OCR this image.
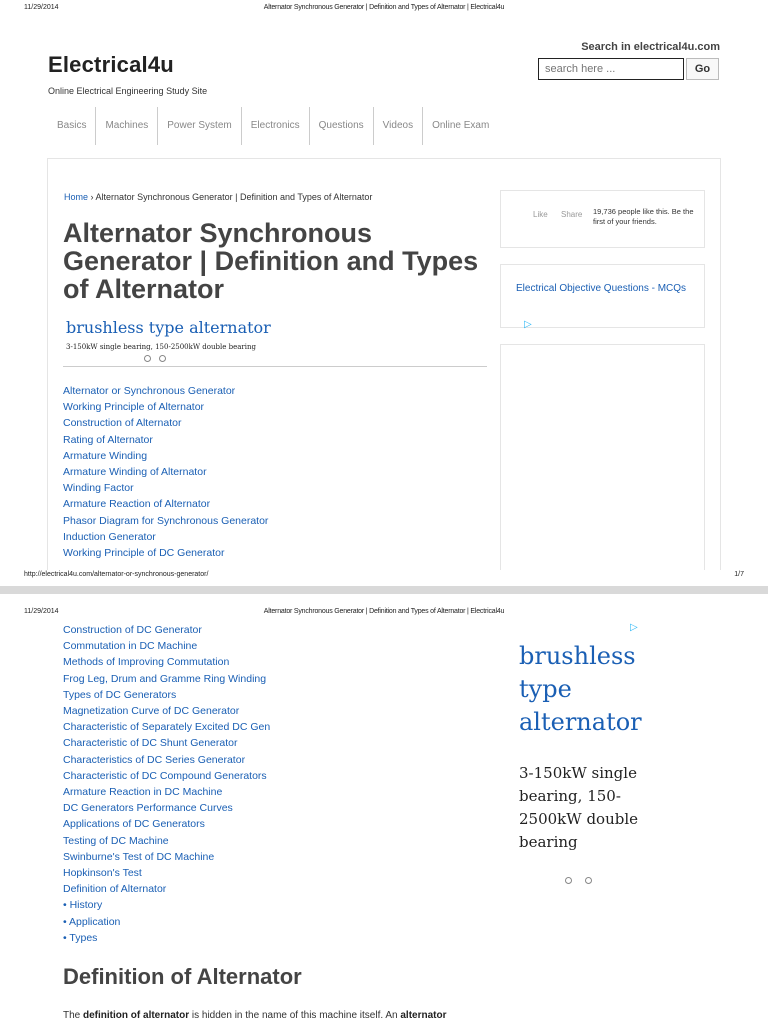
11/29/2014	Alternator Synchronous Generator | Definition and Types of Alternator | Electrical4u
Electrical4u
Online Electrical Engineering Study Site
Search in electrical4u.com
search here ...
Go
Basics	Machines	Power System	Electronics	Questions	Videos	Online Exam
Home › Alternator Synchronous Generator | Definition and Types of Alternator
Alternator Synchronous Generator | Definition and Types of Alternator
brushless type alternator
3-150kW single bearing, 150-2500kW double bearing
Alternator or Synchronous Generator
Working Principle of Alternator
Construction of Alternator
Rating of Alternator
Armature Winding
Armature Winding of Alternator
Winding Factor
Armature Reaction of Alternator
Phasor Diagram for Synchronous Generator
Induction Generator
Working Principle of DC Generator
Like Share 19,736 people like this. Be the first of your friends.
Electrical Objective Questions - MCQs
▷
http://electrical4u.com/alternator-or-synchronous-generator/	1/7
11/29/2014	Alternator Synchronous Generator | Definition and Types of Alternator | Electrical4u
Construction of DC Generator
Commutation in DC Machine
Methods of Improving Commutation
Frog Leg, Drum and Gramme Ring Winding
Types of DC Generators
Magnetization Curve of DC Generator
Characteristic of Separately Excited DC Gen
Characteristic of DC Shunt Generator
Characteristics of DC Series Generator
Characteristic of DC Compound Generators
Armature Reaction in DC Machine
DC Generators Performance Curves
Applications of DC Generators
Testing of DC Machine
Swinburne's Test of DC Machine
Hopkinson's Test
Definition of Alternator
• History
• Application
• Types
▷
brushless type alternator
3-150kW single bearing, 150-2500kW double bearing
Definition of Alternator

The definition of alternator is hidden in the name of this machine itself. An alternator
